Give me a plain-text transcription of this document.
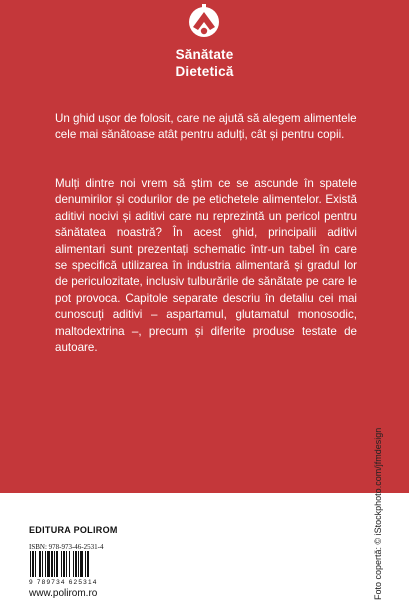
Sănătate
Dietetică

Un ghid ușor de folosit, care ne ajută să alegem alimentele cele mai sănătoase atât pentru adulți, cât și pentru copii.

Mulți dintre noi vrem să știm ce se ascunde în spatele denumirilor și codurilor de pe etichetele alimentelor. Există aditivi nocivi și aditivi care nu reprezintă un pericol pentru sănătatea noastră? În acest ghid, principalii aditivi alimentari sunt prezentați schematic într-un tabel în care se specifică utilizarea în industria alimentară și gradul lor de periculozitate, inclusiv tulburările de sănătate pe care le pot provoca. Capitole separate descriu în detaliu cei mai cunoscuți aditivi – aspartamul, glutamatul monosodic, maltodextrina –, precum și diferite produse testate de autoare.

EDITURA POLIROM
ISBN: 978-973-46-2531-4
9 789734 625314
www.polirom.ro	Foto copertă: © iStockphoto.com/jfmdesign
